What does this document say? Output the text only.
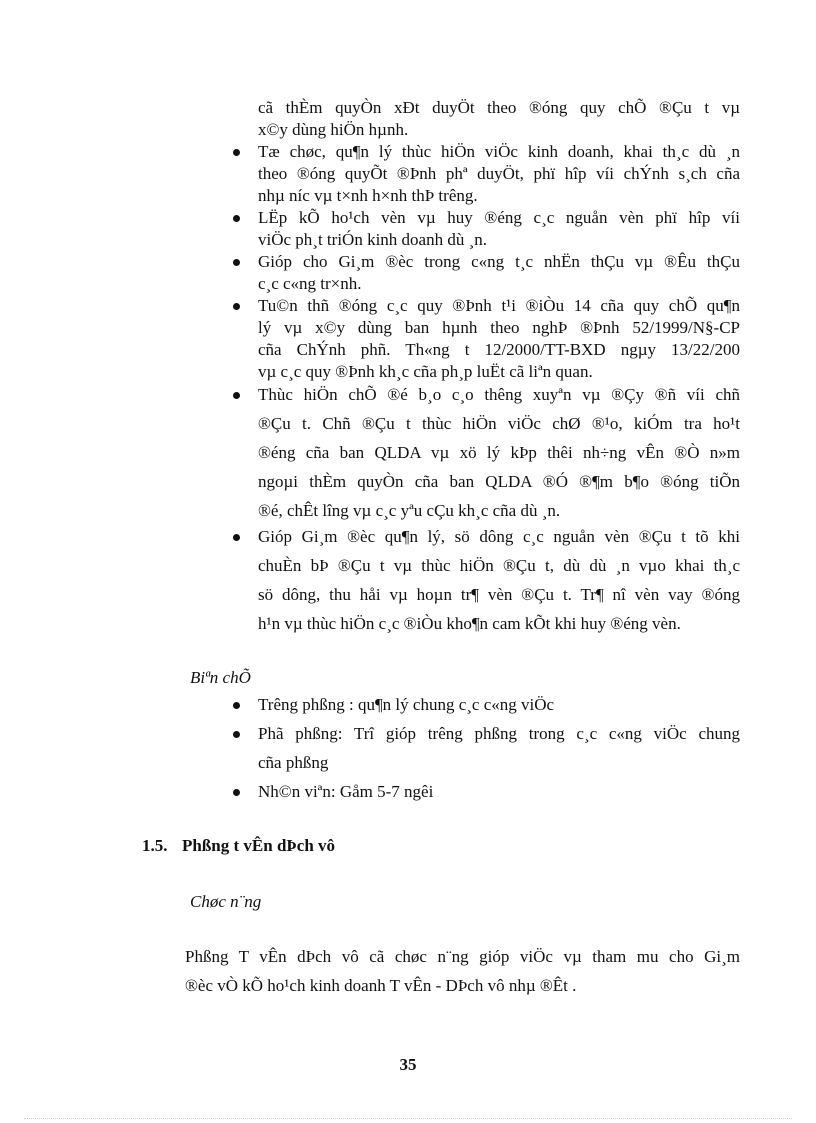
cã thÈm quyÒn xÐt duyÖt theo ®óng quy chÕ ®Çu t vµ
x©y dùng hiÖn hµnh.
Tæ chøc, qu¶n lý thùc hiÖn viÖc kinh doanh, khai th¸c dù ¸n
theo ®óng quyÕt ®Þnh phª duyÖt, phï hîp víi chÝnh s¸ch cña
nhµ níc vµ t×nh h×nh thÞ trêng.
LËp kÕ ho¹ch vèn vµ huy ®éng c¸c nguån vèn phï hîp víi
viÖc ph¸t triÓn kinh doanh dù ¸n.
Gióp cho Gi¸m ®èc trong c«ng t¸c nhËn thÇu vµ ®Êu thÇu
c¸c c«ng tr×nh.
Tu©n thñ ®óng c¸c quy ®Þnh t¹i ®iÒu 14 cña quy chÕ qu¶n
lý vµ x©y dùng ban hµnh theo nghÞ ®Þnh 52/1999/N§-CP
cña ChÝnh phñ. Th«ng t 12/2000/TT-BXD ngµy 13/22/200
vµ c¸c quy ®Þnh kh¸c cña ph¸p luËt cã liªn quan.
Thùc hiÖn chÕ ®é b¸o c¸o thêng xuyªn vµ ®Çy ®ñ víi chñ
®Çu t. Chñ ®Çu t thùc hiÖn viÖc chØ ®¹o, kiÓm tra ho¹t
®éng cña ban QLDA vµ xö lý kÞp thêi nh÷ng vÊn ®Ò n»m
ngoµi thÈm quyÒn cña ban QLDA ®Ó ®¶m b¶o ®óng tiÕn
®é, chÊt lîng vµ c¸c yªu cÇu kh¸c cña dù ¸n.
Gióp Gi¸m ®èc qu¶n lý, sö dông c¸c nguån vèn ®Çu t tõ khi
chuÈn bÞ ®Çu t vµ thùc hiÖn ®Çu t, dù dù ¸n vµo khai th¸c
sö dông, thu håi vµ hoµn tr¶ vèn ®Çu t. Tr¶ nî vèn vay ®óng
h¹n vµ thùc hiÖn c¸c ®iÒu kho¶n cam kÕt khi huy ®éng vèn.
Biªn chÕ
Trêng phßng : qu¶n lý chung c¸c c«ng viÖc
Phã phßng: Trî gióp trêng phßng trong c¸c c«ng viÖc chung
cña phßng
Nh©n viªn: Gåm 5-7 ngêi
1.5. Phßng t vÊn dÞch vô
Chøc n¨ng
Phßng T vÊn dÞch vô cã chøc n¨ng gióp viÖc vµ tham mu cho Gi¸m
®èc vÒ kÕ ho¹ch kinh doanh T vÊn - DÞch vô nhµ ®Êt .
35
